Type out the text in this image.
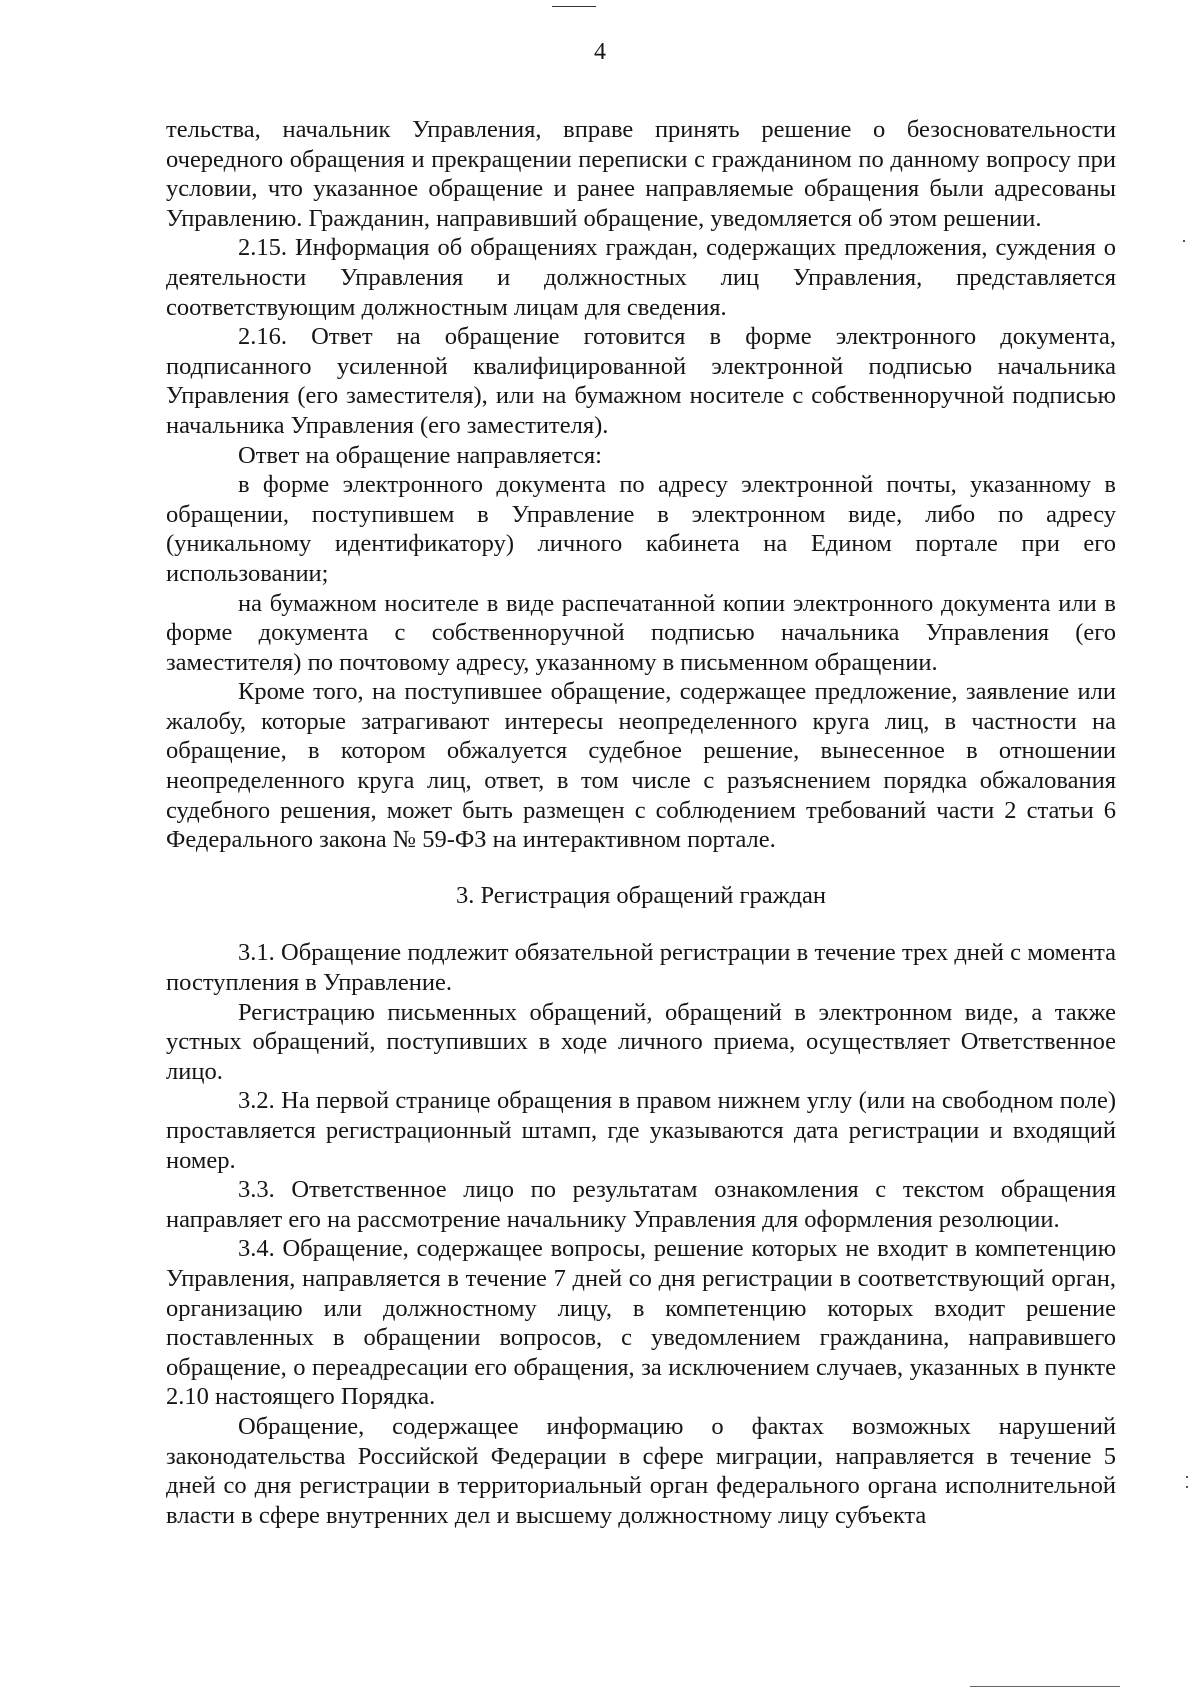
4

тельства, начальник Управления, вправе принять решение о безосновательности очередного обращения и прекращении переписки с гражданином по данному вопросу при условии, что указанное обращение и ранее направляемые обращения были адресованы Управлению. Гражданин, направивший обращение, уведомляется об этом решении.

2.15. Информация об обращениях граждан, содержащих предложения, суждения о деятельности Управления и должностных лиц Управления, представляется соответствующим должностным лицам для сведения.

2.16. Ответ на обращение готовится в форме электронного документа, подписанного усиленной квалифицированной электронной подписью начальника Управления (его заместителя), или на бумажном носителе с собственноручной подписью начальника Управления (его заместителя).

Ответ на обращение направляется:

в форме электронного документа по адресу электронной почты, указанному в обращении, поступившем в Управление в электронном виде, либо по адресу (уникальному идентификатору) личного кабинета на Едином портале при его использовании;

на бумажном носителе в виде распечатанной копии электронного документа или в форме документа с собственноручной подписью начальника Управления (его заместителя) по почтовому адресу, указанному в письменном обращении.

Кроме того, на поступившее обращение, содержащее предложение, заявление или жалобу, которые затрагивают интересы неопределенного круга лиц, в частности на обращение, в котором обжалуется судебное решение, вынесенное в отношении неопределенного круга лиц, ответ, в том числе с разъяснением порядка обжалования судебного решения, может быть размещен с соблюдением требований части 2 статьи 6 Федерального закона № 59-ФЗ на интерактивном портале.

3. Регистрация обращений граждан

3.1. Обращение подлежит обязательной регистрации в течение трех дней с момента поступления в Управление.

Регистрацию письменных обращений, обращений в электронном виде, а также устных обращений, поступивших в ходе личного приема, осуществляет Ответственное лицо.

3.2. На первой странице обращения в правом нижнем углу (или на свободном поле) проставляется регистрационный штамп, где указываются дата регистрации и входящий номер.

3.3. Ответственное лицо по результатам ознакомления с текстом обращения направляет его на рассмотрение начальнику Управления для оформления резолюции.

3.4. Обращение, содержащее вопросы, решение которых не входит в компетенцию Управления, направляется в течение 7 дней со дня регистрации в соответствующий орган, организацию или должностному лицу, в компетенцию которых входит решение поставленных в обращении вопросов, с уведомлением гражданина, направившего обращение, о переадресации его обращения, за исключением случаев, указанных в пункте 2.10 настоящего Порядка.

Обращение, содержащее информацию о фактах возможных нарушений законодательства Российской Федерации в сфере миграции, направляется в течение 5 дней со дня регистрации в территориальный орган федерального органа исполнительной власти в сфере внутренних дел и высшему должностному лицу субъекта
